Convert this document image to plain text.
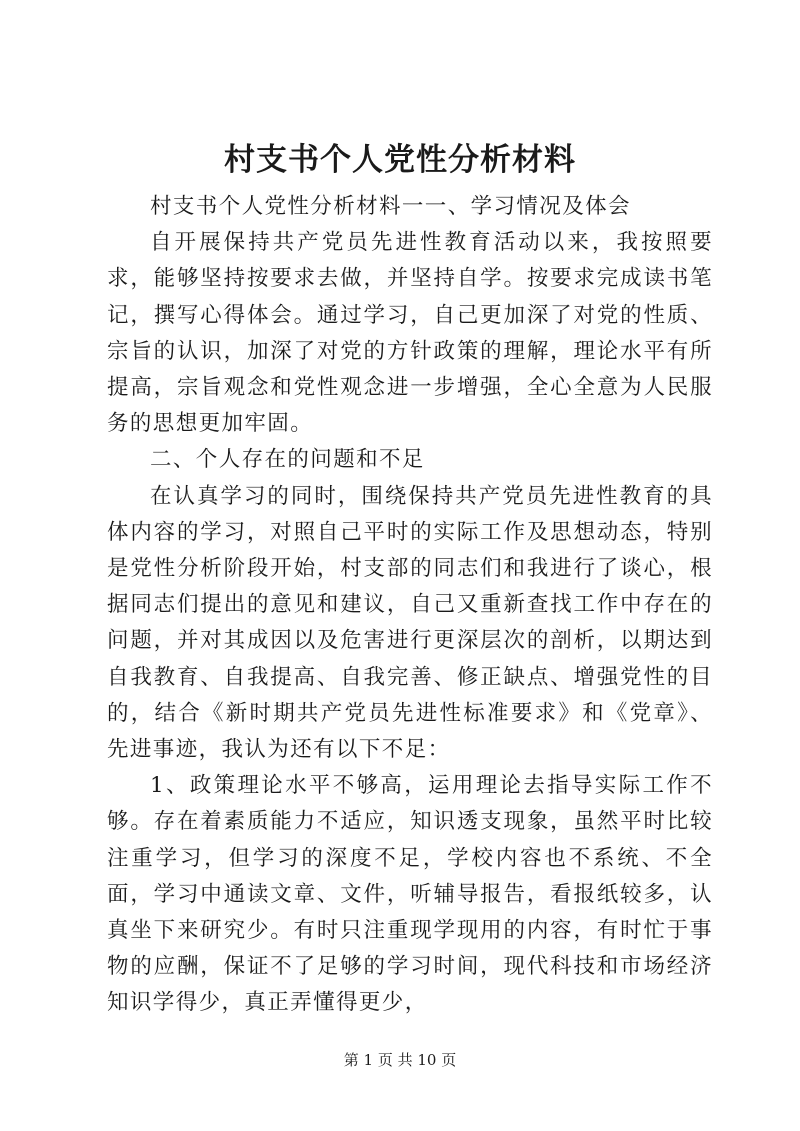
村支书个人党性分析材料

村支书个人党性分析材料一一、学习情况及体会

自开展保持共产党员先进性教育活动以来，我按照要求，能够坚持按要求去做，并坚持自学。按要求完成读书笔记，撰写心得体会。通过学习，自己更加深了对党的性质、宗旨的认识，加深了对党的方针政策的理解，理论水平有所提高，宗旨观念和党性观念进一步增强，全心全意为人民服务的思想更加牢固。

二、个人存在的问题和不足

在认真学习的同时，围绕保持共产党员先进性教育的具体内容的学习，对照自己平时的实际工作及思想动态，特别是党性分析阶段开始，村支部的同志们和我进行了谈心，根据同志们提出的意见和建议，自己又重新查找工作中存在的问题，并对其成因以及危害进行更深层次的剖析，以期达到自我教育、自我提高、自我完善、修正缺点、增强党性的目的，结合《新时期共产党员先进性标准要求》和《党章》、先进事迹，我认为还有以下不足：

1、政策理论水平不够高，运用理论去指导实际工作不够。存在着素质能力不适应，知识透支现象，虽然平时比较注重学习，但学习的深度不足，学校内容也不系统、不全面，学习中通读文章、文件，听辅导报告，看报纸较多，认真坐下来研究少。有时只注重现学现用的内容，有时忙于事物的应酬，保证不了足够的学习时间，现代科技和市场经济知识学得少，真正弄懂得更少，

第 1 页 共 10 页
